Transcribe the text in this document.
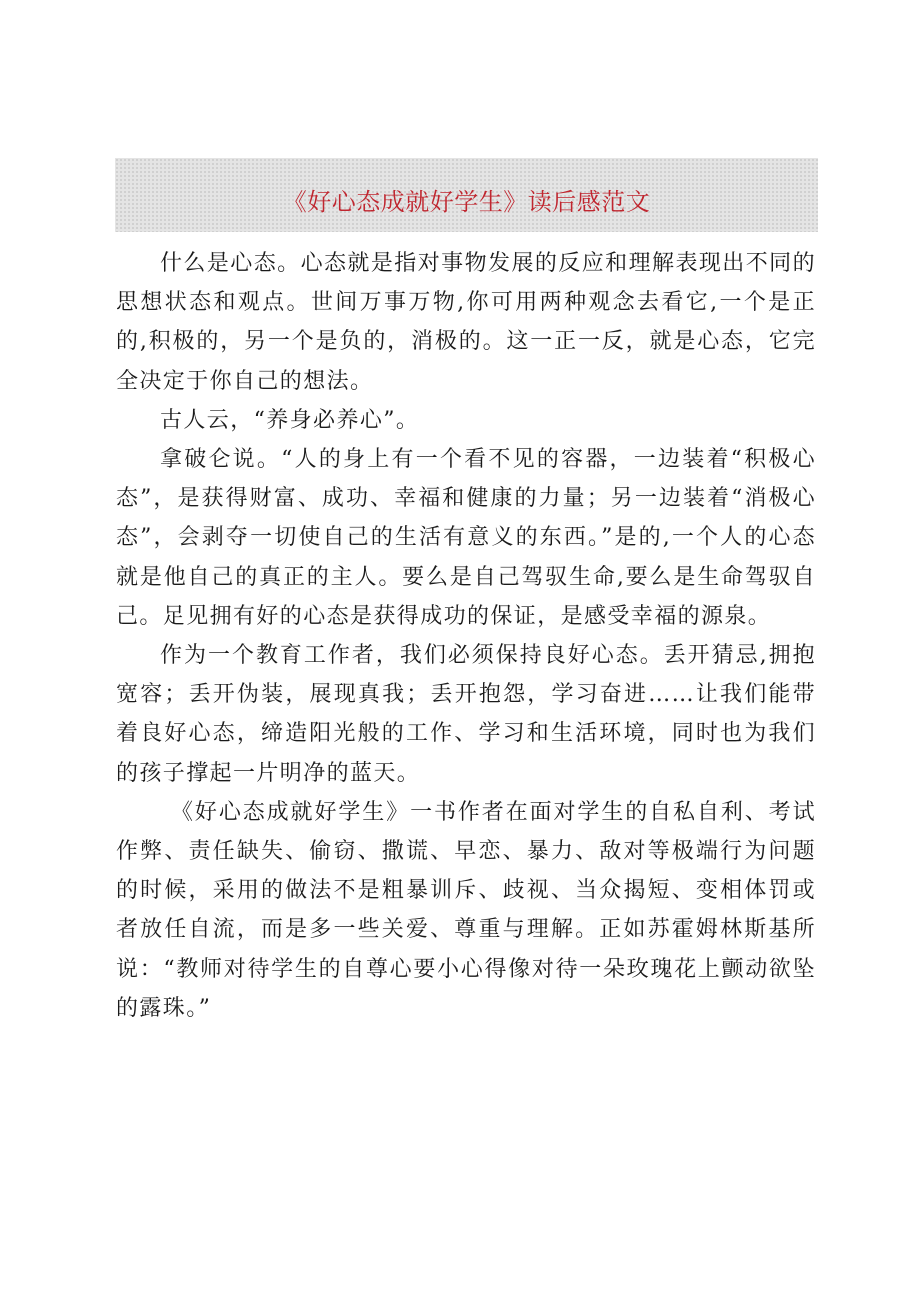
《好心态成就好学生》读后感范文

什么是心态。心态就是指对事物发展的反应和理解表现出不同的思想状态和观点。世间万事万物,你可用两种观念去看它,一个是正的,积极的，另一个是负的，消极的。这一正一反，就是心态，它完全决定于你自己的想法。

古人云，“养身必养心”。

拿破仑说。“人的身上有一个看不见的容器，一边装着“积极心态”，是获得财富、成功、幸福和健康的力量；另一边装着“消极心态”，会剥夺一切使自己的生活有意义的东西。”是的,一个人的心态就是他自己的真正的主人。要么是自己驾驭生命,要么是生命驾驭自己。足见拥有好的心态是获得成功的保证，是感受幸福的源泉。

作为一个教育工作者，我们必须保持良好心态。丢开猜忌,拥抱宽容；丢开伪装，展现真我；丢开抱怨，学习奋进……让我们能带着良好心态，缔造阳光般的工作、学习和生活环境，同时也为我们的孩子撑起一片明净的蓝天。

《好心态成就好学生》一书作者在面对学生的自私自利、考试作弊、责任缺失、偷窃、撒谎、早恋、暴力、敌对等极端行为问题的时候，采用的做法不是粗暴训斥、歧视、当众揭短、变相体罚或者放任自流，而是多一些关爱、尊重与理解。正如苏霍姆林斯基所说：“教师对待学生的自尊心要小心得像对待一朵玫瑰花上颤动欲坠的露珠。”
